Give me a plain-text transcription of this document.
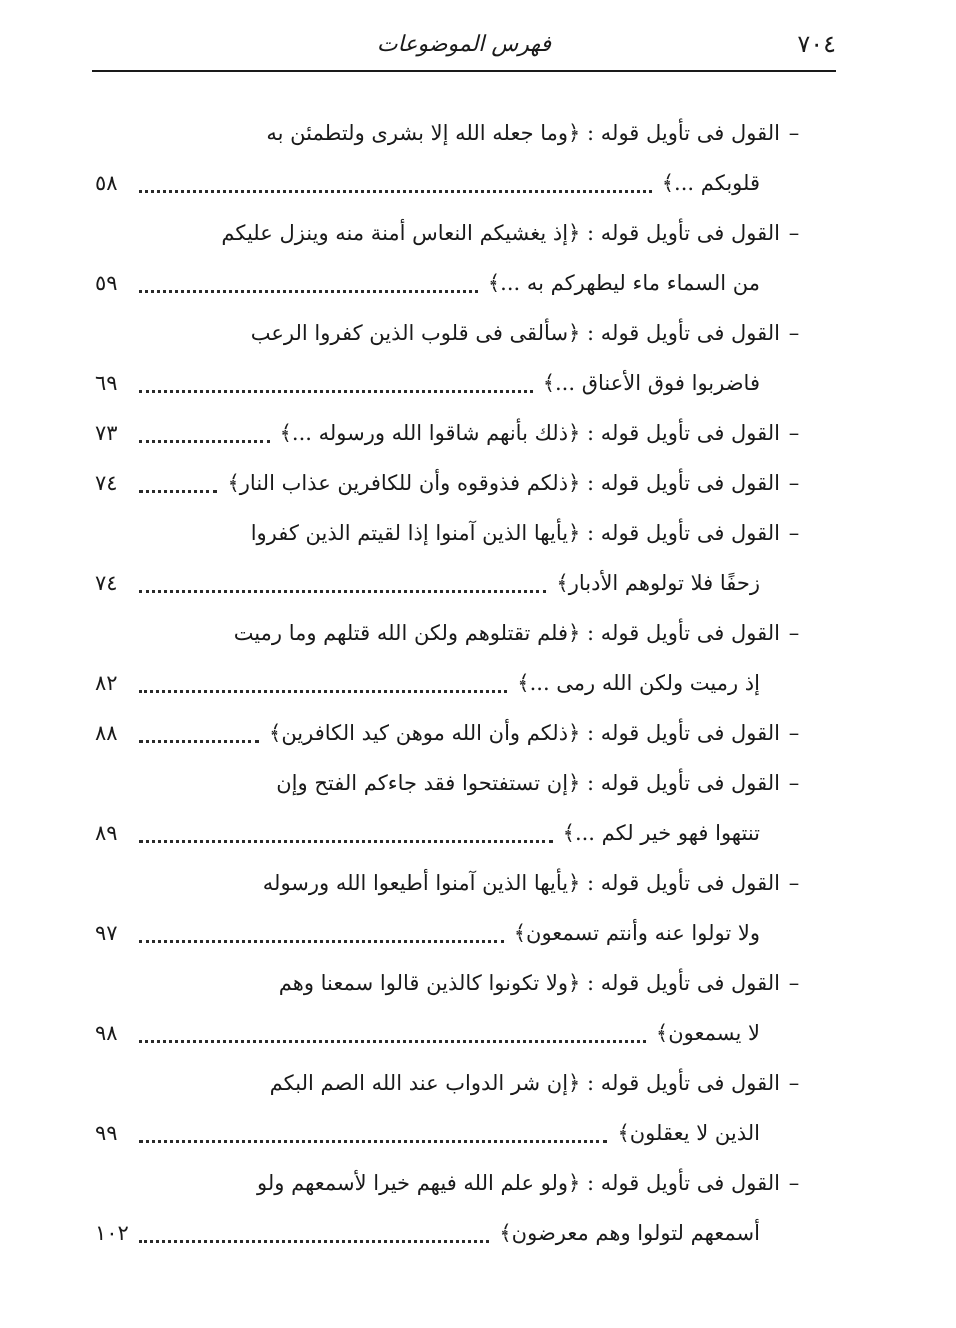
٧٠٤
فهرس الموضوعات
–
القول فى تأويل قوله : ﴿وما جعله الله إلا بشرى ولتطمئن به
قلوبكم ...﴾
٥٨
–
القول فى تأويل قوله : ﴿إذ يغشيكم النعاس أمنة منه وينزل عليكم
من السماء ماء ليطهركم به ...﴾
٥٩
–
القول فى تأويل قوله : ﴿سألقى فى قلوب الذين كفروا الرعب
فاضربوا فوق الأعناق ...﴾
٦٩
–
القول فى تأويل قوله : ﴿ذلك بأنهم شاقوا الله ورسوله ...﴾
٧٣
–
القول فى تأويل قوله : ﴿ذلكم فذوقوه وأن للكافرين عذاب النار﴾
٧٤
–
القول فى تأويل قوله : ﴿يأيها الذين آمنوا إذا لقيتم الذين كفروا
زحفًا فلا تولوهم الأدبار﴾
٧٤
–
القول فى تأويل قوله : ﴿فلم تقتلوهم ولكن الله قتلهم وما رميت
إذ رميت ولكن الله رمى ...﴾
٨٢
–
القول فى تأويل قوله : ﴿ذلكم وأن الله موهن كيد الكافرين﴾
٨٨
–
القول فى تأويل قوله : ﴿إن تستفتحوا فقد جاءكم الفتح وإن
تنتهوا فهو خير لكم ...﴾
٨٩
–
القول فى تأويل قوله : ﴿يأيها الذين آمنوا أطيعوا الله ورسوله
ولا تولوا عنه وأنتم تسمعون﴾
٩٧
–
القول فى تأويل قوله : ﴿ولا تكونوا كالذين قالوا سمعنا وهم
لا يسمعون﴾
٩٨
–
القول فى تأويل قوله : ﴿إن شر الدواب عند الله الصم البكم
الذين لا يعقلون﴾
٩٩
–
القول فى تأويل قوله : ﴿ولو علم الله فيهم خيرا لأسمعهم ولو
أسمعهم لتولوا وهم معرضون﴾
١٠٢
